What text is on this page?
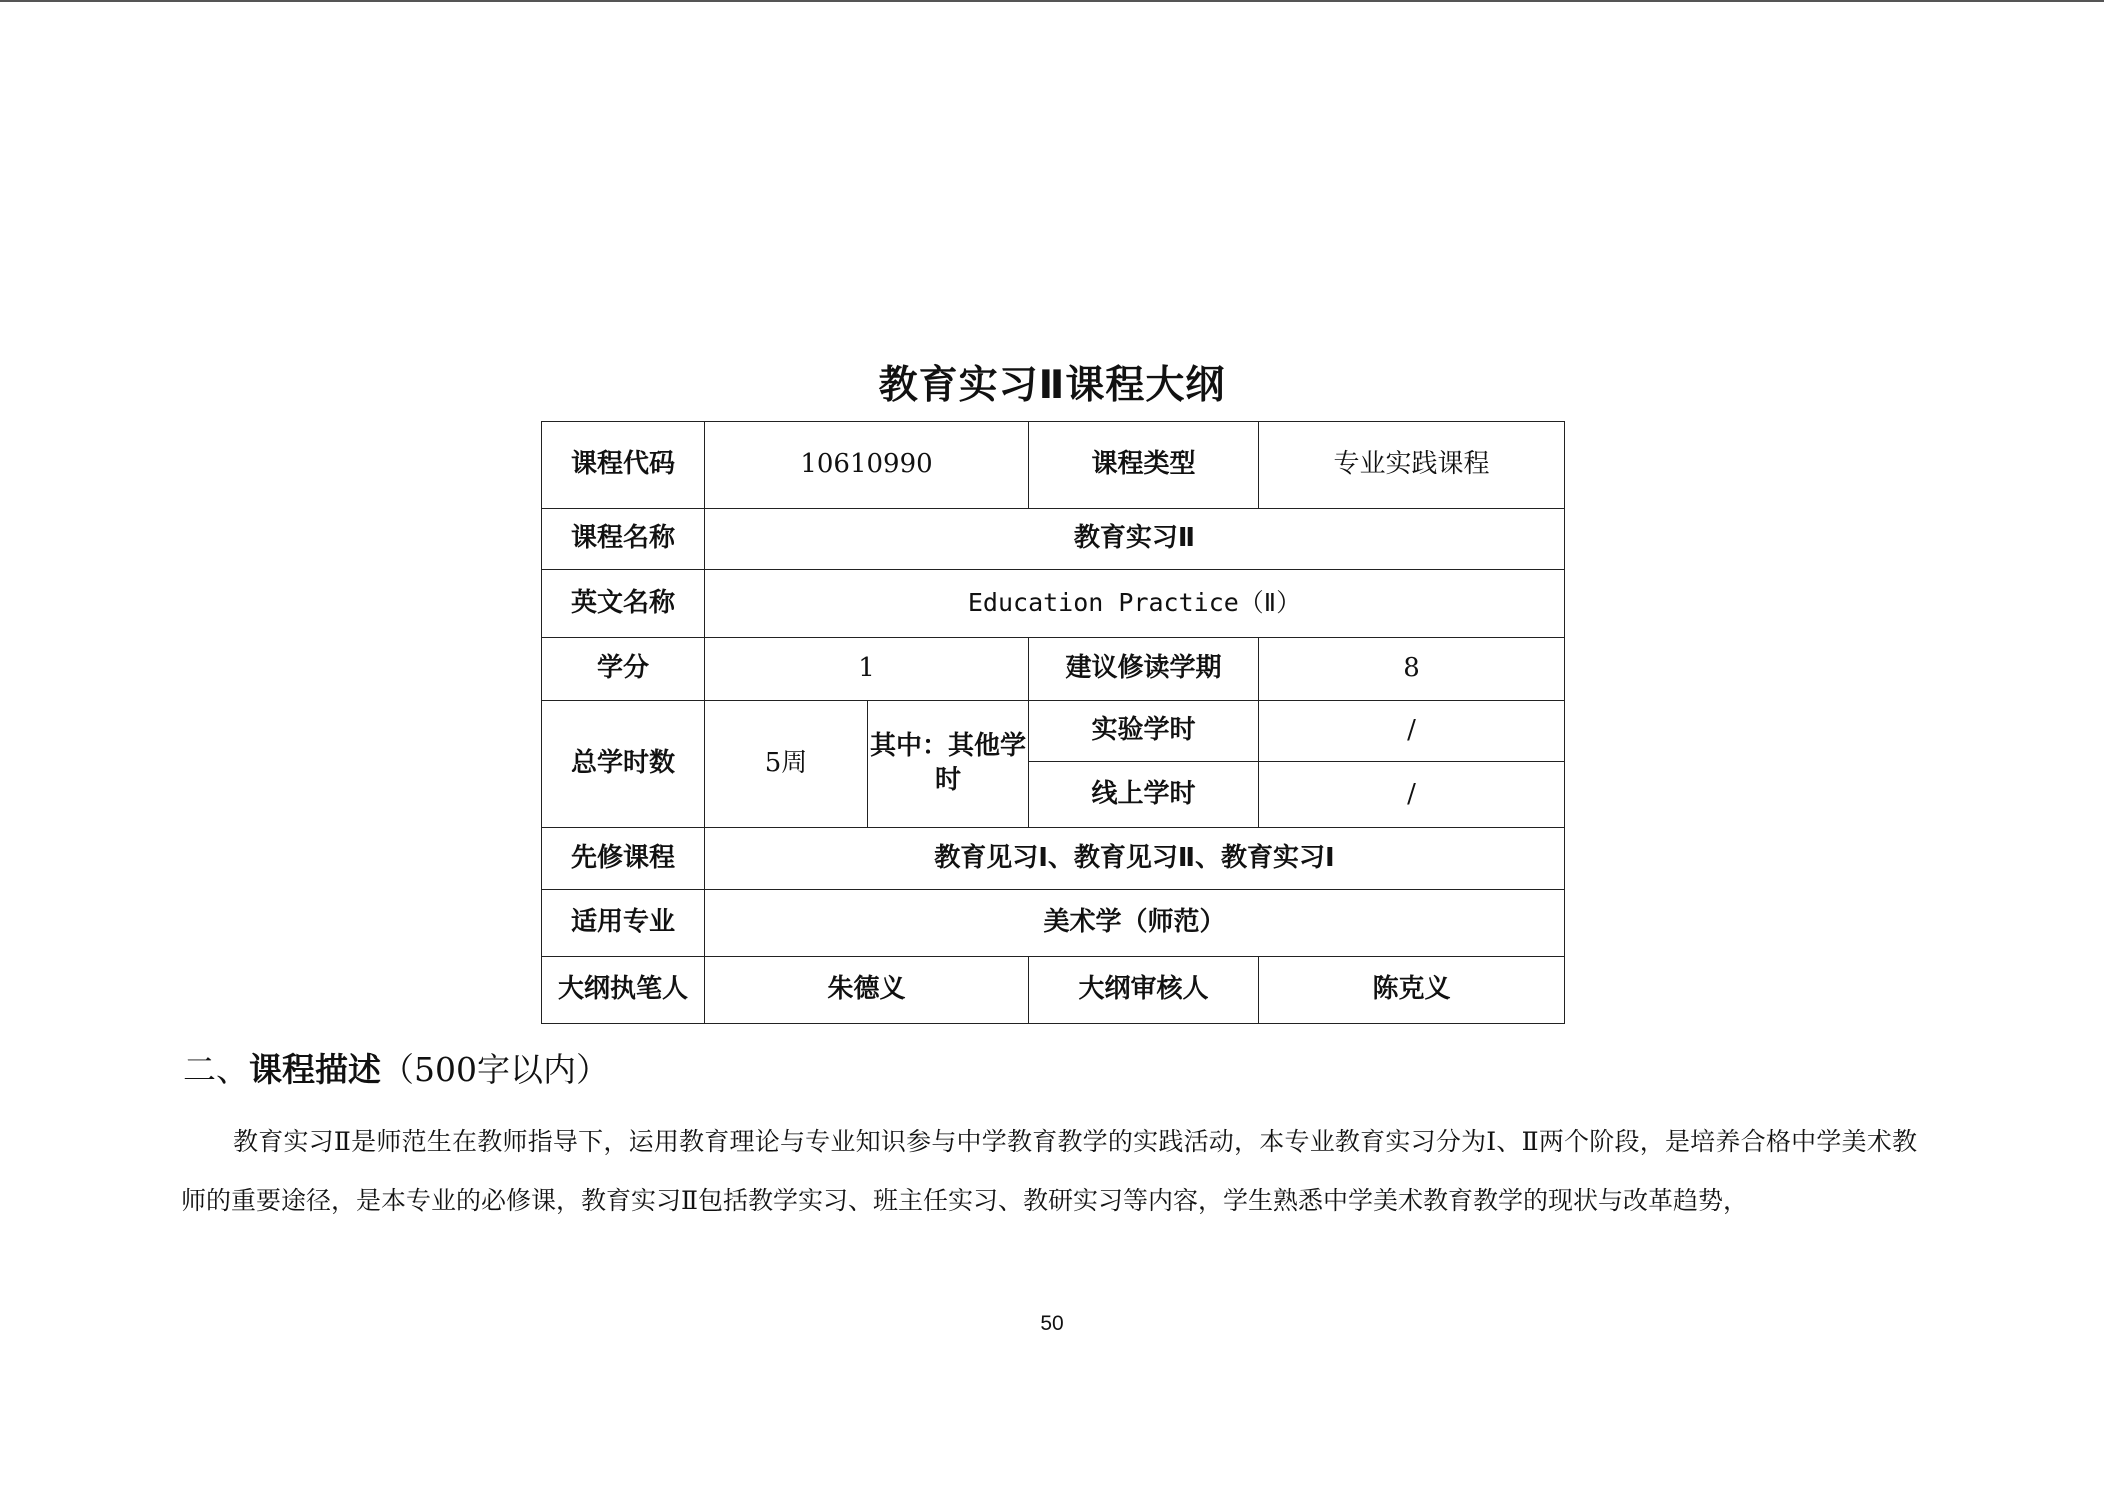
教育实习Ⅱ课程大纲
课程代码	10610990		课程类型	专业实践课程
课程名称	教育实习Ⅱ			
英文名称	Education Practice（Ⅱ）			
学分	1		建议修读学期	8
总学时数	5周	其中：其他学时	实验学时	/
			线上学时	/
先修课程	教育见习Ⅰ、教育见习Ⅱ、教育实习Ⅰ			
适用专业	美术学（师范）			
大纲执笔人	朱德义		大纲审核人	陈克义
二、课程描述（500字以内）

教育实习Ⅱ是师范生在教师指导下，运用教育理论与专业知识参与中学教育教学的实践活动，本专业教育实习分为Ⅰ、Ⅱ两个阶段，是培养合格中学美术教师的重要途径，是本专业的必修课，教育实习Ⅱ包括教学实习、班主任实习、教研实习等内容，学生熟悉中学美术教育教学的现状与改革趋势，

50
